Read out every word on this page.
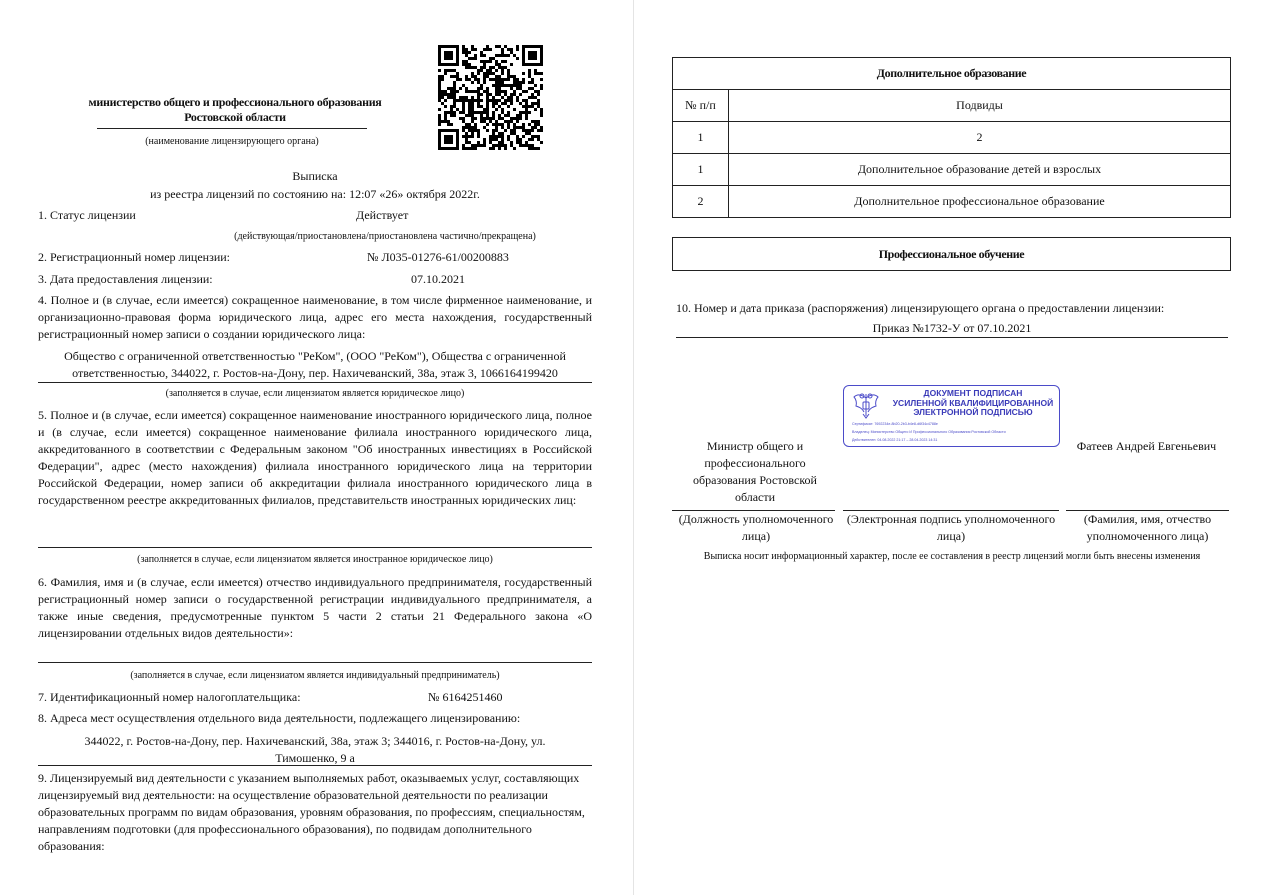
министерство общего и профессионального образования
Ростовской области
(наименование лицензирующего органа)
Выписка
из реестра лицензий по состоянию на: 12:07 «26» октября 2022г.
1. Статус лицензии	Действует
(действующая/приостановлена/приостановлена частично/прекращена)
2. Регистрационный номер лицензии:	№ Л035-01276-61/00200883
3. Дата предоставления лицензии:	07.10.2021
4. Полное и (в случае, если имеется) сокращенное наименование, в том числе фирменное наименование, и организационно-правовая форма юридического лица, адрес его места нахождения, государственный регистрационный номер записи о создании юридического лица:
Общество с ограниченной ответственностью "РеКом", (ООО "РеКом"), Общества с ограниченной
ответственностью, 344022, г. Ростов-на-Дону, пер. Нахичеванский, 38а, этаж 3, 1066164199420
(заполняется в случае, если лицензиатом является юридическое лицо)
5. Полное и (в случае, если имеется) сокращенное наименование иностранного юридического лица, полное и (в случае, если имеется) сокращенное наименование филиала иностранного юридического лица, аккредитованного в соответствии с Федеральным законом "Об иностранных инвестициях в Российской Федерации", адрес (место нахождения) филиала иностранного юридического лица на территории Российской Федерации, номер записи об аккредитации филиала иностранного юридического лица в государственном реестре аккредитованных филиалов, представительств иностранных юридических лиц:
(заполняется в случае, если лицензиатом является иностранное юридическое лицо)
6. Фамилия, имя и (в случае, если имеется) отчество индивидуального предпринимателя, государственный регистрационный номер записи о государственной регистрации индивидуального предпринимателя, а также иные сведения, предусмотренные пунктом 5 части 2 статьи 21 Федерального закона «О лицензировании отдельных видов деятельности»:
(заполняется в случае, если лицензиатом является индивидуальный предприниматель)
7. Идентификационный номер налогоплательщика:	№ 6164251460
8. Адреса мест осуществления отдельного вида деятельности, подлежащего лицензированию:
344022, г. Ростов-на-Дону, пер. Нахичеванский, 38а, этаж 3; 344016, г. Ростов-на-Дону, ул.
Тимошенко, 9 а
9. Лицензируемый вид деятельности с указанием выполняемых работ, оказываемых услуг, составляющих лицензируемый вид деятельности: на осуществление образовательной деятельности по реализации образовательных программ по видам образования, уровням образования, по профессиям, специальностям, направлениям подготовки (для профессионального образования), по подвидам дополнительного образования:
Дополнительное образование	
№ п/п	Подвиды
1	2
1	Дополнительное образование детей и взрослых
2	Дополнительное профессиональное образование
Профессиональное обучение
10. Номер и дата приказа (распоряжения) лицензирующего органа о предоставлении лицензии:
Приказ №1732-У от 07.10.2021
ДОКУМЕНТ ПОДПИСАН
УСИЛЕННОЙ КВАЛИФИЦИРОВАННОЙ
ЭЛЕКТРОННОЙ ПОДПИСЬЮ
Сертификат: 7692234e-8b20-2b3-b4e8-d6f34c4788e
Владелец: Министерство Общего И Профессионального Образования Ростовской Области
Действителен: 04.08.2022 21:17 – 28.04.2023 14:31
Министр общего и профессионального образования Ростовской области
Фатеев Андрей Евгеньевич
(Должность уполномоченного лица)
(Электронная подпись уполномоченного лица)
(Фамилия, имя, отчество уполномоченного лица)
Выписка носит информационный характер, после ее составления в реестр лицензий могли быть внесены изменения
